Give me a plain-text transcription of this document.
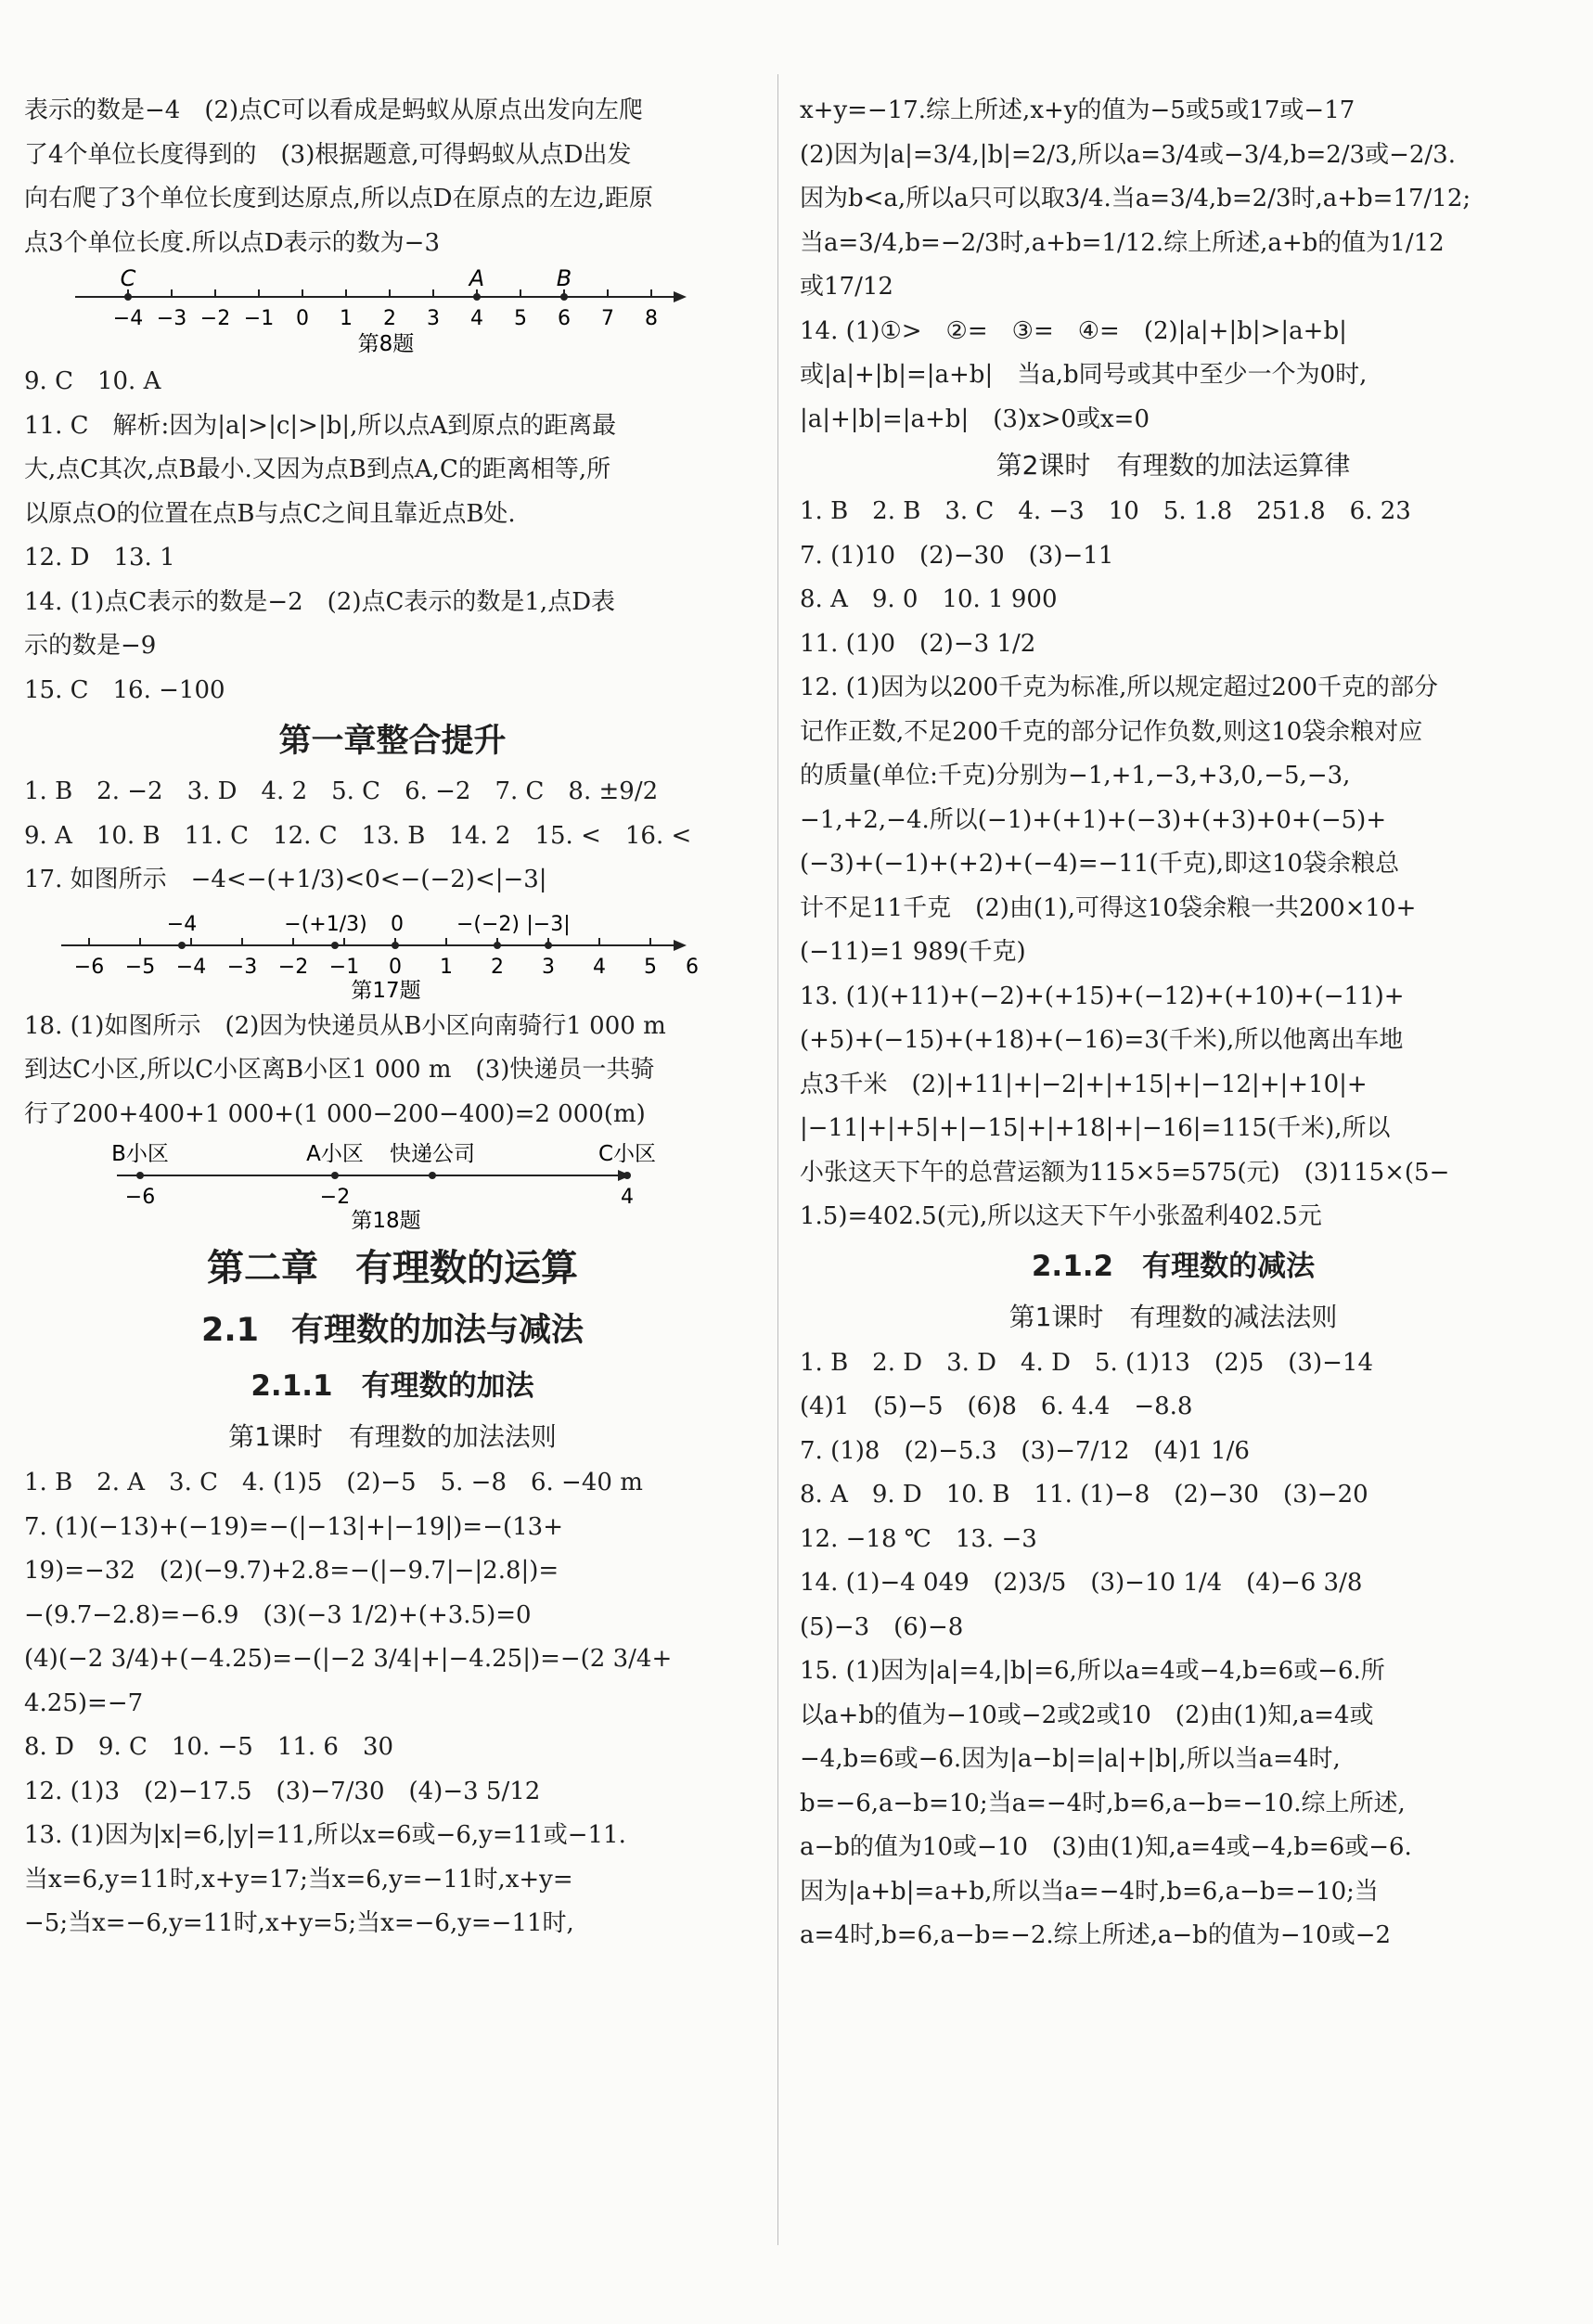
表示的数是−4　(2)点C可以看成是蚂蚁从原点出发向左爬
了4个单位长度得到的　(3)根据题意,可得蚂蚁从点D出发
向右爬了3个单位长度到达原点,所以点D在原点的左边,距原
点3个单位长度.所以点D表示的数为−3
C	A	B
−4 −3 −2 −1 0 1 2 3 4 5 6 7 8
第8题
9. C　10. A
11. C　解析:因为|a|>|c|>|b|,所以点A到原点的距离最
大,点C其次,点B最小.又因为点B到点A,C的距离相等,所
以原点O的位置在点B与点C之间且靠近点B处.
12. D　13. 1
14. (1)点C表示的数是−2　(2)点C表示的数是1,点D表
示的数是−9
15. C　16. −100
第一章整合提升
1. B　2. −2　3. D　4. 2　5. C　6. −2　7. C　8. ±9/2
9. A　10. B　11. C　12. C　13. B　14. 2　15. <　16. <
17. 如图所示　−4<−(+1/3)<0<−(−2)<|−3|
−4	−(+1/3) 0	−(−2) |−3|
−6 −5 −4 −3 −2 −1 0 1 2 3 4 5 6
第17题
18. (1)如图所示　(2)因为快递员从B小区向南骑行1 000 m
到达C小区,所以C小区离B小区1 000 m　(3)快递员一共骑
行了200+400+1 000+(1 000−200−400)=2 000(m)
B小区	A小区 快递公司	C小区
−6	−2	4
第18题
第二章　有理数的运算
2.1　有理数的加法与减法
2.1.1　有理数的加法
第1课时　有理数的加法法则
1. B　2. A　3. C　4. (1)5　(2)−5　5. −8　6. −40 m
7. (1)(−13)+(−19)=−(|−13|+|−19|)=−(13+
19)=−32　(2)(−9.7)+2.8=−(|−9.7|−|2.8|)=
−(9.7−2.8)=−6.9　(3)(−3 1/2)+(+3.5)=0
(4)(−2 3/4)+(−4.25)=−(|−2 3/4|+|−4.25|)=−(2 3/4+
4.25)=−7
8. D　9. C　10. −5　11. 6　30
12. (1)3　(2)−17.5　(3)−7/30　(4)−3 5/12
13. (1)因为|x|=6,|y|=11,所以x=6或−6,y=11或−11.
当x=6,y=11时,x+y=17;当x=6,y=−11时,x+y=
−5;当x=−6,y=11时,x+y=5;当x=−6,y=−11时,
x+y=−17.综上所述,x+y的值为−5或5或17或−17
(2)因为|a|=3/4,|b|=2/3,所以a=3/4或−3/4,b=2/3或−2/3.
因为b<a,所以a只可以取3/4.当a=3/4,b=2/3时,a+b=17/12;
当a=3/4,b=−2/3时,a+b=1/12.综上所述,a+b的值为1/12
或17/12
14. (1)①>　②=　③=　④=　(2)|a|+|b|>|a+b|
或|a|+|b|=|a+b|　当a,b同号或其中至少一个为0时,
|a|+|b|=|a+b|　(3)x>0或x=0
第2课时　有理数的加法运算律
1. B　2. B　3. C　4. −3　10　5. 1.8　251.8　6. 23
7. (1)10　(2)−30　(3)−11
8. A　9. 0　10. 1 900
11. (1)0　(2)−3 1/2
12. (1)因为以200千克为标准,所以规定超过200千克的部分
记作正数,不足200千克的部分记作负数,则这10袋余粮对应
的质量(单位:千克)分别为−1,+1,−3,+3,0,−5,−3,
−1,+2,−4.所以(−1)+(+1)+(−3)+(+3)+0+(−5)+
(−3)+(−1)+(+2)+(−4)=−11(千克),即这10袋余粮总
计不足11千克　(2)由(1),可得这10袋余粮一共200×10+
(−11)=1 989(千克)
13. (1)(+11)+(−2)+(+15)+(−12)+(+10)+(−11)+
(+5)+(−15)+(+18)+(−16)=3(千米),所以他离出车地
点3千米　(2)|+11|+|−2|+|+15|+|−12|+|+10|+
|−11|+|+5|+|−15|+|+18|+|−16|=115(千米),所以
小张这天下午的总营运额为115×5=575(元)　(3)115×(5−
1.5)=402.5(元),所以这天下午小张盈利402.5元
2.1.2　有理数的减法
第1课时　有理数的减法法则
1. B　2. D　3. D　4. D　5. (1)13　(2)5　(3)−14
(4)1　(5)−5　(6)8　6. 4.4　−8.8
7. (1)8　(2)−5.3　(3)−7/12　(4)1 1/6
8. A　9. D　10. B　11. (1)−8　(2)−30　(3)−20
12. −18 ℃　13. −3
14. (1)−4 049　(2)3/5　(3)−10 1/4　(4)−6 3/8
(5)−3　(6)−8
15. (1)因为|a|=4,|b|=6,所以a=4或−4,b=6或−6.所
以a+b的值为−10或−2或2或10　(2)由(1)知,a=4或
−4,b=6或−6.因为|a−b|=|a|+|b|,所以当a=4时,
b=−6,a−b=10;当a=−4时,b=6,a−b=−10.综上所述,
a−b的值为10或−10　(3)由(1)知,a=4或−4,b=6或−6.
因为|a+b|=a+b,所以当a=−4时,b=6,a−b=−10;当
a=4时,b=6,a−b=−2.综上所述,a−b的值为−10或−2
